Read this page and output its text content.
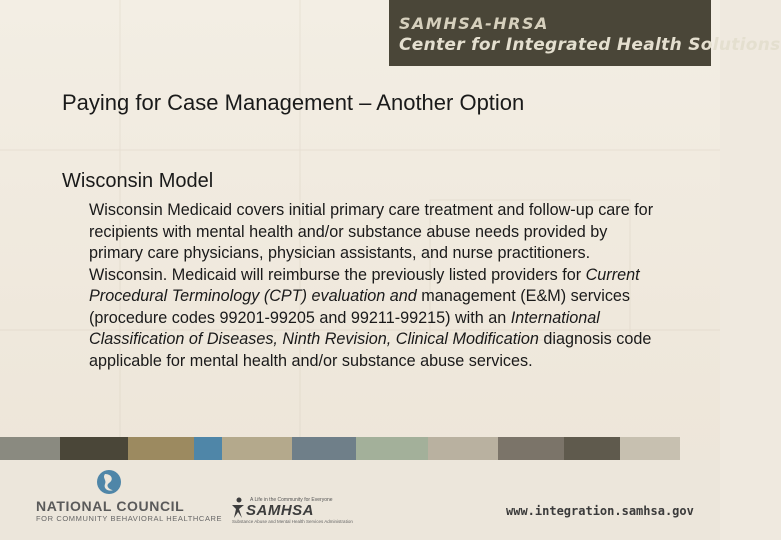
SAMHSA-HRSA
Center for Integrated Health Solutions
Paying for Case Management – Another Option
Wisconsin Model
Wisconsin Medicaid covers initial primary care treatment and follow-up care for recipients with mental health and/or substance abuse needs provided by primary care physicians, physician assistants, and nurse practitioners. Wisconsin. Medicaid will reimburse the previously listed providers for Current Procedural Terminology (CPT) evaluation and management (E&M) services (procedure codes 99201-99205 and 99211-99215) with an International Classification of Diseases, Ninth Revision, Clinical Modification diagnosis code applicable for mental health and/or substance abuse services.
NATIONAL COUNCIL
FOR COMMUNITY BEHAVIORAL HEALTHCARE
A Life in the Community for Everyone
SAMHSA
Substance Abuse and Mental Health Services Administration
www.integration.samhsa.gov
